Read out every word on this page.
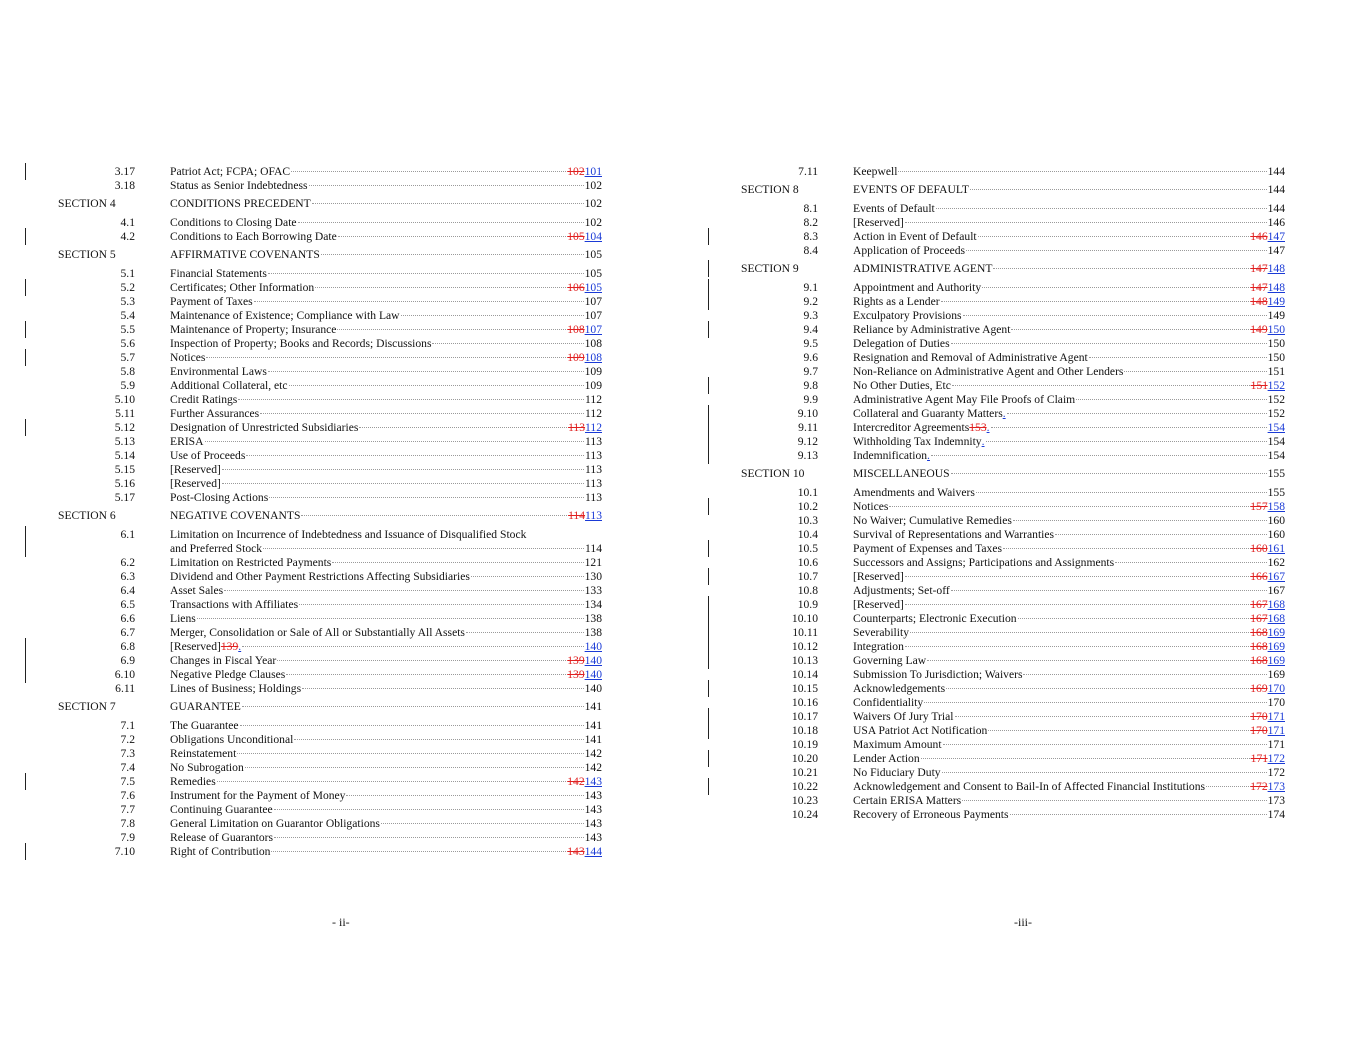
3.17	Patriot Act; FCPA; OFAC	102101
3.18	Status as Senior Indebtedness	102
SECTION 4	CONDITIONS PRECEDENT	102
4.1	Conditions to Closing Date	102
4.2	Conditions to Each Borrowing Date	105104
SECTION 5	AFFIRMATIVE COVENANTS	105
5.1	Financial Statements	105
5.2	Certificates; Other Information	106105
5.3	Payment of Taxes	107
5.4	Maintenance of Existence; Compliance with Law	107
5.5	Maintenance of Property; Insurance	108107
5.6	Inspection of Property; Books and Records; Discussions	108
5.7	Notices	109108
5.8	Environmental Laws	109
5.9	Additional Collateral, etc	109
5.10	Credit Ratings	112
5.11	Further Assurances	112
5.12	Designation of Unrestricted Subsidiaries	113112
5.13	ERISA	113
5.14	Use of Proceeds	113
5.15	[Reserved]	113
5.16	[Reserved]	113
5.17	Post-Closing Actions	113
SECTION 6	NEGATIVE COVENANTS	114113
6.1	Limitation on Incurrence of Indebtedness and Issuance of Disqualified Stock
and Preferred Stock	114
6.2	Limitation on Restricted Payments	121
6.3	Dividend and Other Payment Restrictions Affecting Subsidiaries	130
6.4	Asset Sales	133
6.5	Transactions with Affiliates	134
6.6	Liens	138
6.7	Merger, Consolidation or Sale of All or Substantially All Assets	138
6.8	[Reserved] 139 .	140
6.9	Changes in Fiscal Year	139140
6.10	Negative Pledge Clauses	139140
6.11	Lines of Business; Holdings	140
SECTION 7	GUARANTEE	141
7.1	The Guarantee	141
7.2	Obligations Unconditional	141
7.3	Reinstatement	142
7.4	No Subrogation	142
7.5	Remedies	142143
7.6	Instrument for the Payment of Money	143
7.7	Continuing Guarantee	143
7.8	General Limitation on Guarantor Obligations	143
7.9	Release of Guarantors	143
7.10	Right of Contribution	143144
7.11	Keepwell	144
SECTION 8	EVENTS OF DEFAULT	144
8.1	Events of Default	144
8.2	[Reserved]	146
8.3	Action in Event of Default	146147
8.4	Application of Proceeds	147
SECTION 9	ADMINISTRATIVE AGENT	147148
9.1	Appointment and Authority	147148
9.2	Rights as a Lender	148149
9.3	Exculpatory Provisions	149
9.4	Reliance by Administrative Agent	149150
9.5	Delegation of Duties	150
9.6	Resignation and Removal of Administrative Agent	150
9.7	Non-Reliance on Administrative Agent and Other Lenders	151
9.8	No Other Duties, Etc	151152
9.9	Administrative Agent May File Proofs of Claim	152
9.10	Collateral and Guaranty Matters .	152
9.11	Intercreditor Agreements 153 .	154
9.12	Withholding Tax Indemnity .	154
9.13	Indemnification .	154
SECTION 10	MISCELLANEOUS	155
10.1	Amendments and Waivers	155
10.2	Notices	157158
10.3	No Waiver; Cumulative Remedies	160
10.4	Survival of Representations and Warranties	160
10.5	Payment of Expenses and Taxes	160161
10.6	Successors and Assigns; Participations and Assignments	162
10.7	[Reserved]	166167
10.8	Adjustments; Set-off	167
10.9	[Reserved]	167168
10.10	Counterparts; Electronic Execution	167168
10.11	Severability	168169
10.12	Integration	168169
10.13	Governing Law	168169
10.14	Submission To Jurisdiction; Waivers	169
10.15	Acknowledgements	169170
10.16	Confidentiality	170
10.17	Waivers Of Jury Trial	170171
10.18	USA Patriot Act Notification	170171
10.19	Maximum Amount	171
10.20	Lender Action	171172
10.21	No Fiduciary Duty	172
10.22	Acknowledgement and Consent to Bail-In of Affected Financial Institutions	172173
10.23	Certain ERISA Matters	173
10.24	Recovery of Erroneous Payments	174
- ii-	-iii-
